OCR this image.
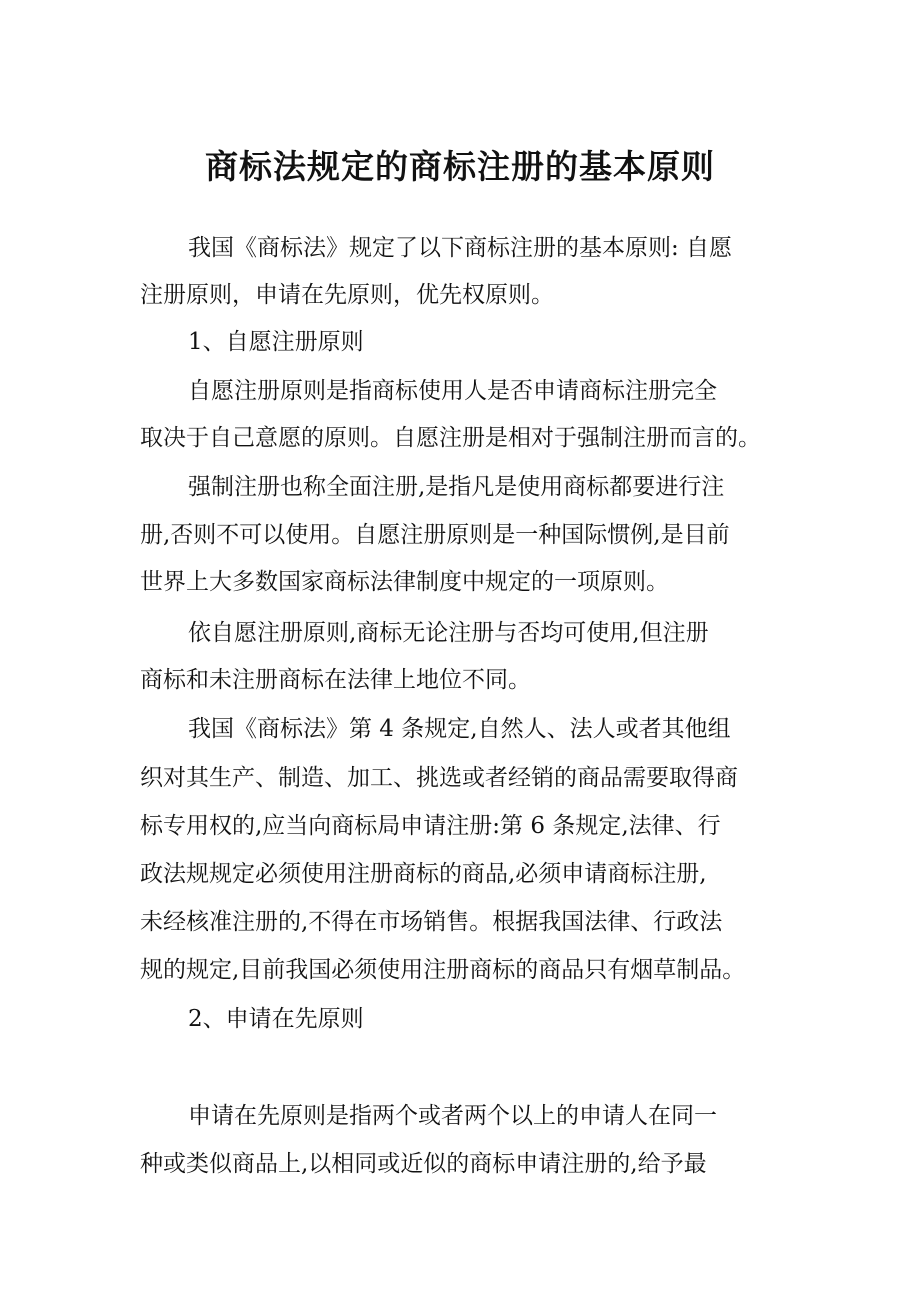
商标法规定的商标注册的基本原则
我国《商标法》规定了以下商标注册的基本原则: 自愿
注册原则，申请在先原则，优先权原则。
1、自愿注册原则
自愿注册原则是指商标使用人是否申请商标注册完全
取决于自己意愿的原则。自愿注册是相对于强制注册而言的。
强制注册也称全面注册,是指凡是使用商标都要进行注
册,否则不可以使用。自愿注册原则是一种国际惯例,是目前
世界上大多数国家商标法律制度中规定的一项原则。
依自愿注册原则,商标无论注册与否均可使用,但注册
商标和未注册商标在法律上地位不同。
我国《商标法》第 4 条规定,自然人、法人或者其他组
织对其生产、制造、加工、挑选或者经销的商品需要取得商
标专用权的,应当向商标局申请注册:第 6 条规定,法律、行
政法规规定必须使用注册商标的商品,必须申请商标注册,
未经核准注册的,不得在市场销售。根据我国法律、行政法
规的规定,目前我国必须使用注册商标的商品只有烟草制品。
2、申请在先原则
申请在先原则是指两个或者两个以上的申请人在同一
种或类似商品上,以相同或近似的商标申请注册的,给予最
